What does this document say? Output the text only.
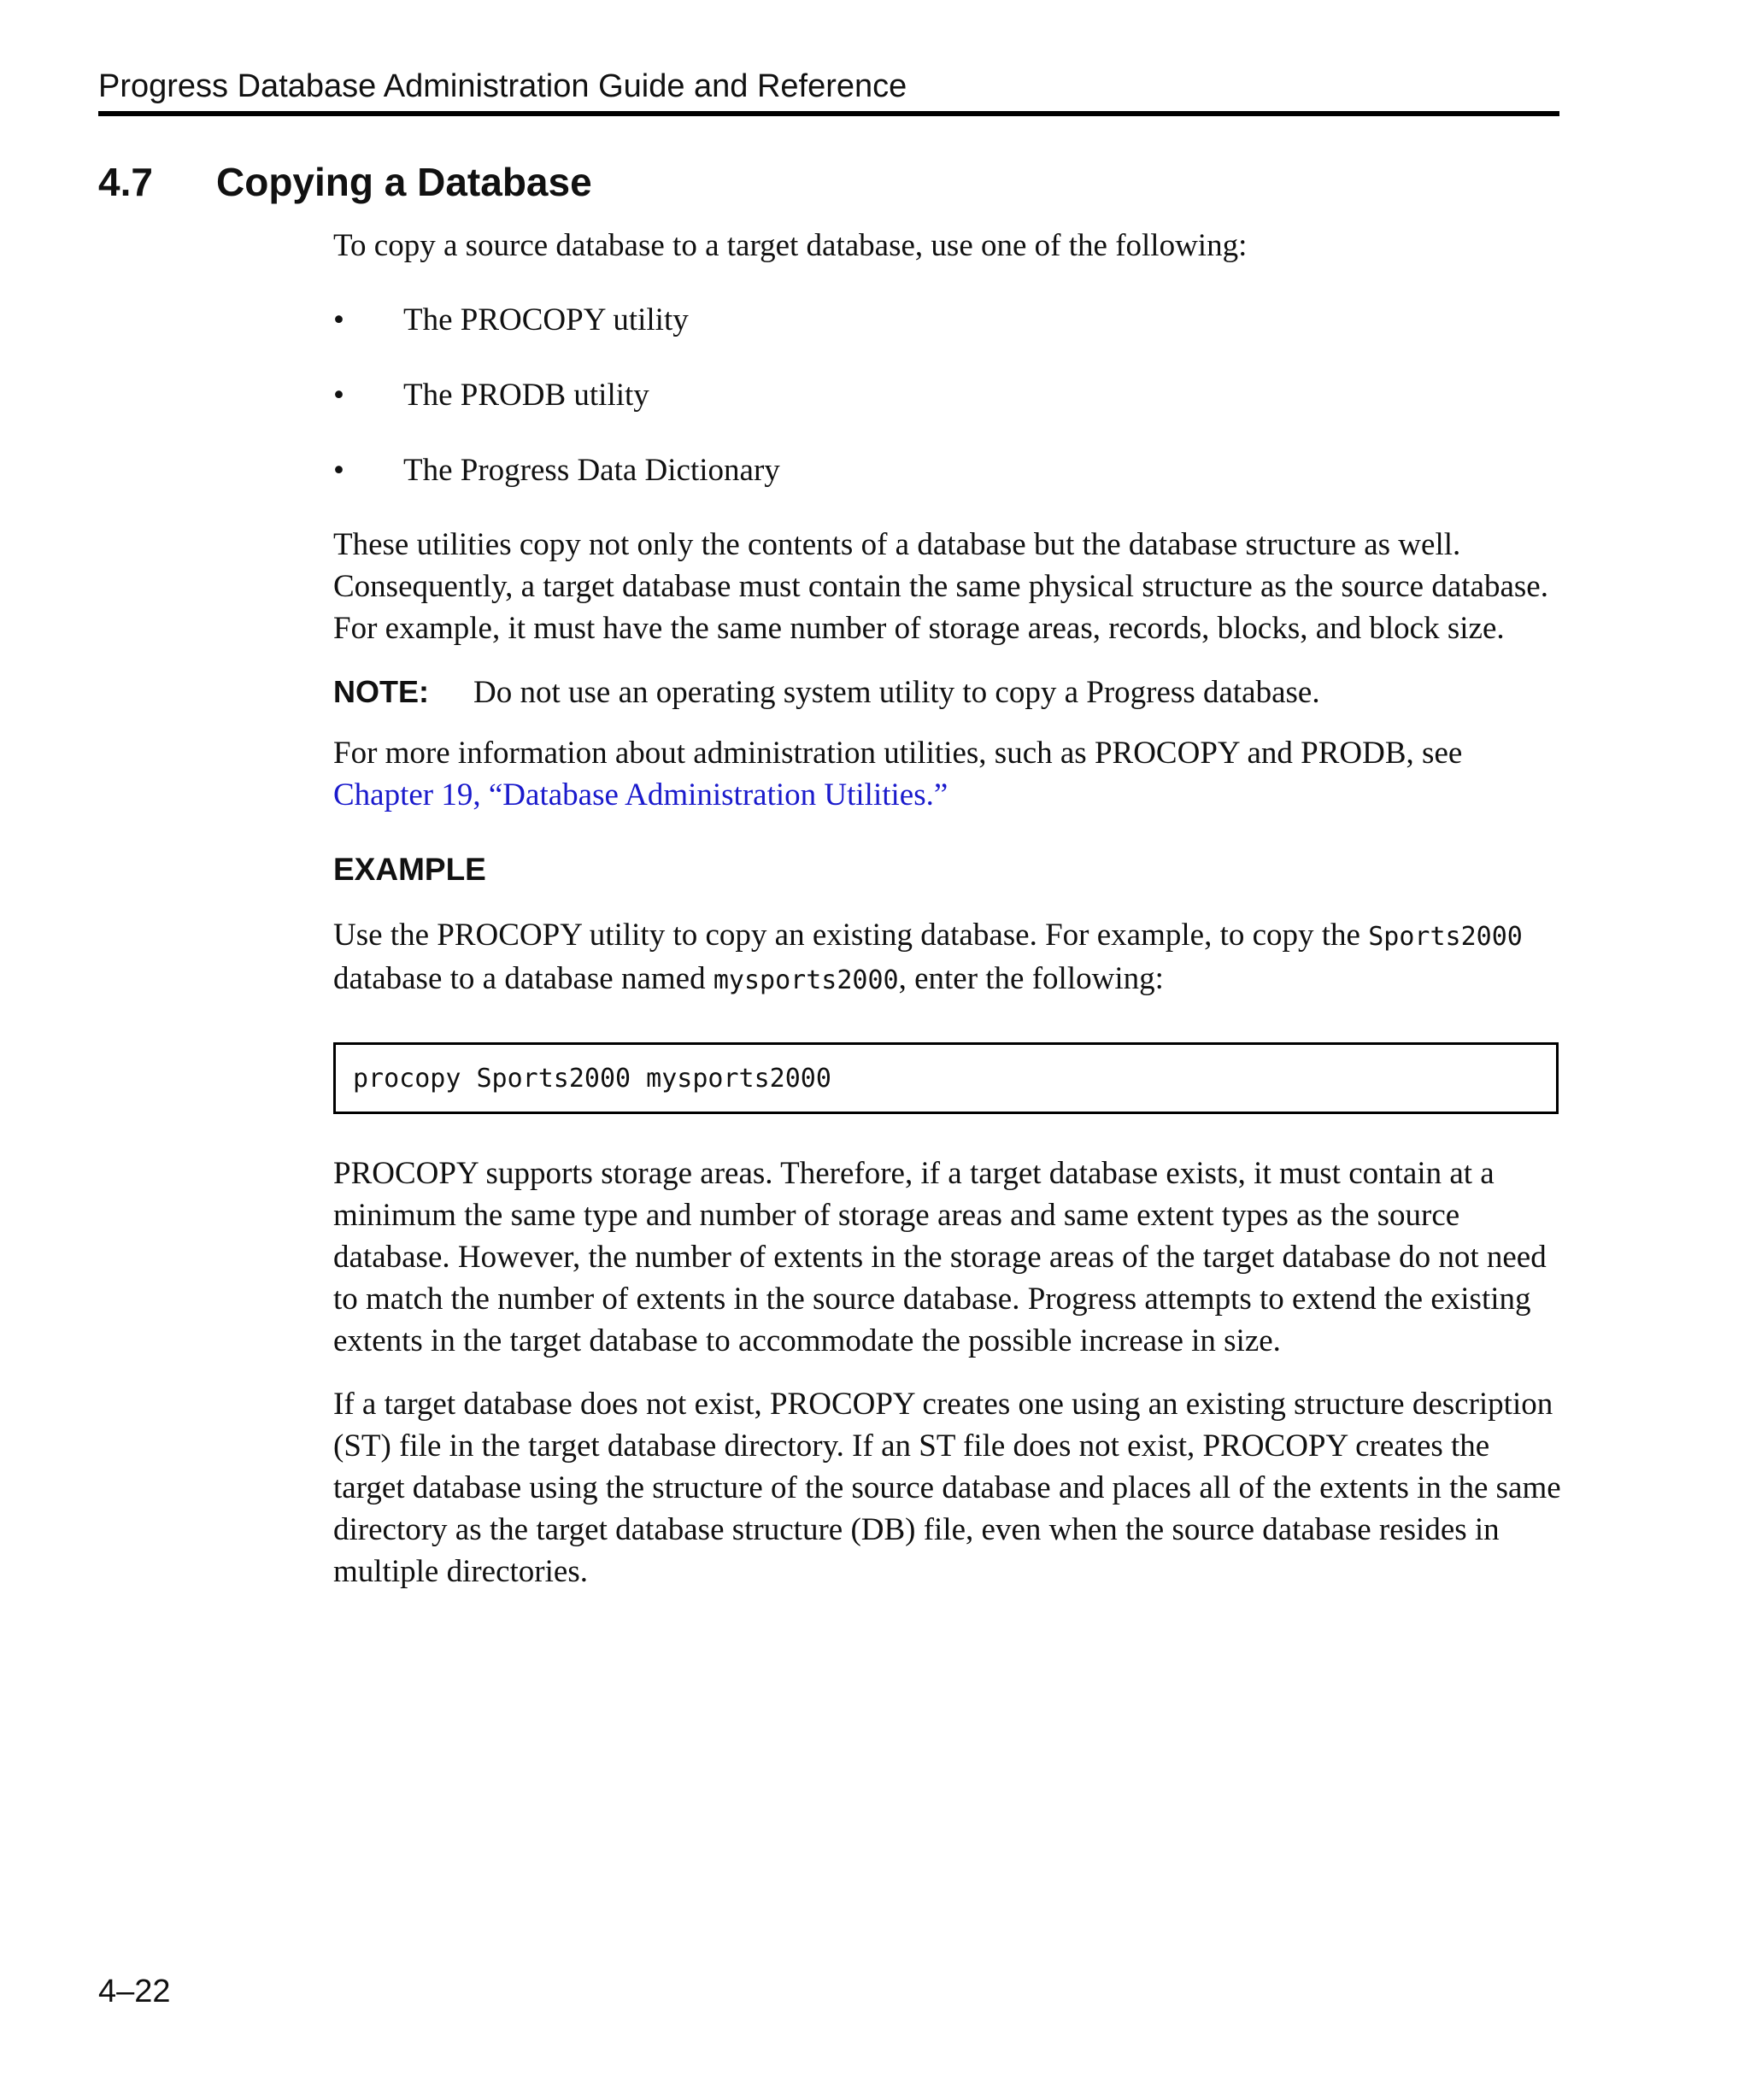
Progress Database Administration Guide and Reference
4.7 Copying a Database
To copy a source database to a target database, use one of the following:
• The PROCOPY utility
• The PRODB utility
• The Progress Data Dictionary
These utilities copy not only the contents of a database but the database structure as well.
Consequently, a target database must contain the same physical structure as the source database.
For example, it must have the same number of storage areas, records, blocks, and block size.
NOTE: Do not use an operating system utility to copy a Progress database.
For more information about administration utilities, such as PROCOPY and PRODB, see
Chapter 19, “Database Administration Utilities.”
EXAMPLE
Use the PROCOPY utility to copy an existing database. For example, to copy the Sports2000
database to a database named mysports2000, enter the following:
procopy Sports2000 mysports2000
PROCOPY supports storage areas. Therefore, if a target database exists, it must contain at a
minimum the same type and number of storage areas and same extent types as the source
database. However, the number of extents in the storage areas of the target database do not need
to match the number of extents in the source database. Progress attempts to extend the existing
extents in the target database to accommodate the possible increase in size.
If a target database does not exist, PROCOPY creates one using an existing structure description
(ST) file in the target database directory. If an ST file does not exist, PROCOPY creates the
target database using the structure of the source database and places all of the extents in the same
directory as the target database structure (DB) file, even when the source database resides in
multiple directories.
4–22
